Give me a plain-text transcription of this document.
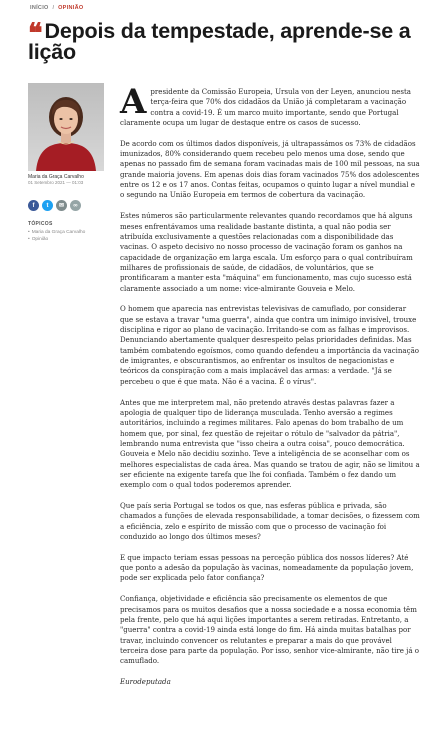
INÍCIO / OPINIÃO
❝Depois da tempestade, aprende-se a lição
Maria da Graça Carvalho
01 Setembro 2021 — 01:03
f	t	✉	∞
TÓPICOS
• Maria da Graça Carvalho
• Opinião

A presidente da Comissão Europeia, Ursula von der Leyen, anunciou nesta terça-feira que 70% dos cidadãos da União já completaram a vacinação contra a covid-19. É um marco muito importante, sendo que Portugal claramente ocupa um lugar de destaque entre os casos de sucesso.

De acordo com os últimos dados disponíveis, já ultrapassámos os 73% de cidadãos imunizados, 80% considerando quem recebeu pelo menos uma dose, sendo que apenas no passado fim de semana foram vacinadas mais de 100 mil pessoas, na sua grande maioria jovens. Em apenas dois dias foram vacinados 75% dos adolescentes entre os 12 e os 17 anos. Contas feitas, ocupamos o quinto lugar a nível mundial e o segundo na União Europeia em termos de cobertura da vacinação.

Estes números são particularmente relevantes quando recordamos que há alguns meses enfrentávamos uma realidade bastante distinta, a qual não podia ser atribuída exclusivamente a questões relacionadas com a disponibilidade das vacinas. O aspeto decisivo no nosso processo de vacinação foram os ganhos na capacidade de organização em larga escala. Um esforço para o qual contribuíram milhares de profissionais de saúde, de cidadãos, de voluntários, que se prontificaram a manter esta "máquina" em funcionamento, mas cujo sucesso está claramente associado a um nome: vice-almirante Gouveia e Melo.

O homem que aparecia nas entrevistas televisivas de camuflado, por considerar que se estava a travar "uma guerra", ainda que contra um inimigo invisível, trouxe disciplina e rigor ao plano de vacinação. Irritando-se com as falhas e improvisos. Denunciando abertamente qualquer desrespeito pelas prioridades definidas. Mas também combatendo egoísmos, como quando defendeu a importância da vacinação de imigrantes, e obscurantismos, ao enfrentar os insultos de negacionistas e teóricos da conspiração com a mais implacável das armas: a verdade. "Já se percebeu o que é que mata. Não é a vacina. É o vírus".

Antes que me interpretem mal, não pretendo através destas palavras fazer a apologia de qualquer tipo de liderança musculada. Tenho aversão a regimes autoritários, incluindo a regimes militares. Falo apenas do bom trabalho de um homem que, por sinal, fez questão de rejeitar o rótulo de "salvador da pátria", lembrando numa entrevista que "isso cheira a outra coisa", pouco democrática. Gouveia e Melo não decidiu sozinho. Teve a inteligência de se aconselhar com os melhores especialistas de cada área. Mas quando se tratou de agir, não se limitou a ser eficiente na exigente tarefa que lhe foi confiada. Também o fez dando um exemplo com o qual todos poderemos aprender.

Que país seria Portugal se todos os que, nas esferas pública e privada, são chamados a funções de elevada responsabilidade, a tomar decisões, o fizessem com a eficiência, zelo e espírito de missão com que o processo de vacinação foi conduzido ao longo dos últimos meses?

E que impacto teriam essas pessoas na perceção pública dos nossos líderes? Até que ponto a adesão da população às vacinas, nomeadamente da população jovem, pode ser explicada pelo fator confiança?

Confiança, objetividade e eficiência são precisamente os elementos de que precisamos para os muitos desafios que a nossa sociedade e a nossa economia têm pela frente, pelo que há aqui lições importantes a serem retiradas. Entretanto, a "guerra" contra a covid-19 ainda está longe do fim. Há ainda muitas batalhas por travar, incluindo convencer os relutantes e preparar a mais do que provável terceira dose para parte da população. Por isso, senhor vice-almirante, não tire já o camuflado.

Eurodeputada
